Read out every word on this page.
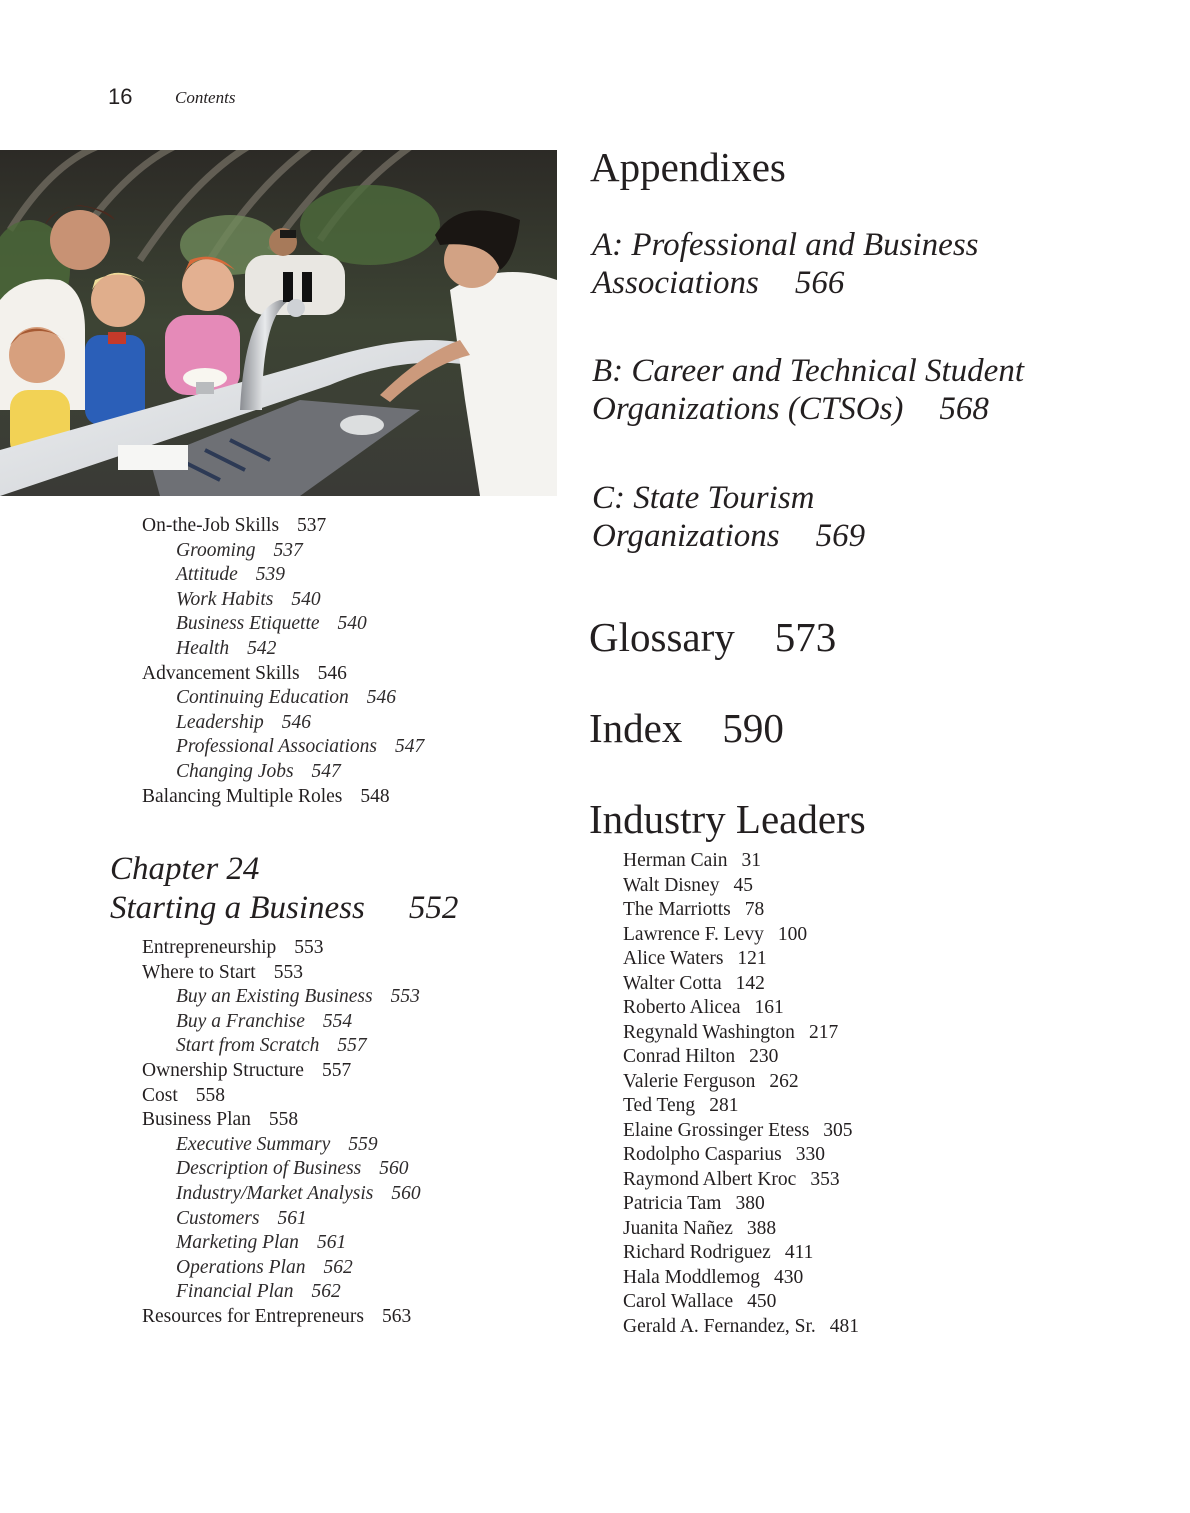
16	Contents
On-the-Job Skills 537
Grooming 537
Attitude 539
Work Habits 540
Business Etiquette 540
Health 542
Advancement Skills 546
Continuing Education 546
Leadership 546
Professional Associations 547
Changing Jobs 547
Balancing Multiple Roles 548
Chapter 24
Starting a Business 552
Entrepreneurship 553
Where to Start 553
Buy an Existing Business 553
Buy a Franchise 554
Start from Scratch 557
Ownership Structure 557
Cost 558
Business Plan 558
Executive Summary 559
Description of Business 560
Industry/Market Analysis 560
Customers 561
Marketing Plan 561
Operations Plan 562
Financial Plan 562
Resources for Entrepreneurs 563
Appendixes
A: Professional and Business
Associations 566
B: Career and Technical Student
Organizations (CTSOs) 568
C: State Tourism
Organizations 569
Glossary 573
Index 590
Industry Leaders
Herman Cain 31
Walt Disney 45
The Marriotts 78
Lawrence F. Levy 100
Alice Waters 121
Walter Cotta 142
Roberto Alicea 161
Regynald Washington 217
Conrad Hilton 230
Valerie Ferguson 262
Ted Teng 281
Elaine Grossinger Etess 305
Rodolpho Casparius 330
Raymond Albert Kroc 353
Patricia Tam 380
Juanita Nañez 388
Richard Rodriguez 411
Hala Moddlemog 430
Carol Wallace 450
Gerald A. Fernandez, Sr. 481
